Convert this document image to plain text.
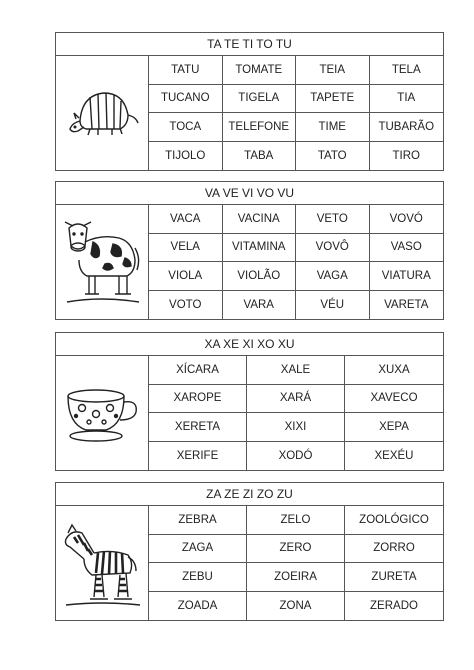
TA TE TI TO TU
TATU	TOMATE	TEIA	TELA
TUCANO	TIGELA	TAPETE	TIA
TOCA	TELEFONE	TIME	TUBARÃO
TIJOLO	TABA	TATO	TIRO
VA VE VI VO VU
VACA	VACINA	VETO	VOVÓ
VELA	VITAMINA	VOVÔ	VASO
VIOLA	VIOLÃO	VAGA	VIATURA
VOTO	VARA	VÉU	VARETA
XA XE XI XO XU
XÍCARA	XALE	XUXA
XAROPE	XARÁ	XAVECO
XERETA	XIXI	XEPA
XERIFE	XODÓ	XEXÉU
ZA ZE ZI ZO ZU
ZEBRA	ZELO	ZOOLÓGICO
ZAGA	ZERO	ZORRO
ZEBU	ZOEIRA	ZURETA
ZOADA	ZONA	ZERADO
